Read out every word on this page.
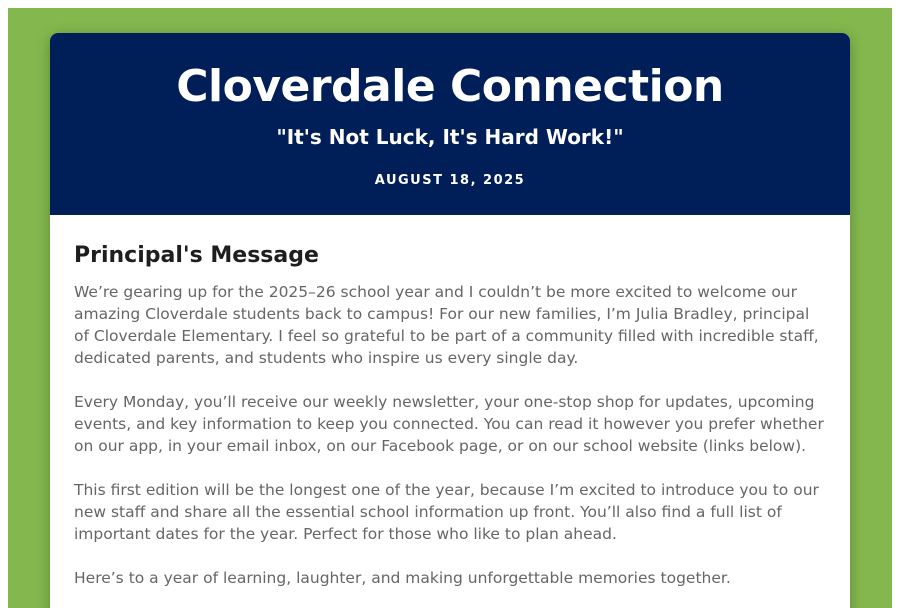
Cloverdale Connection
"It's Not Luck, It's Hard Work!"
AUGUST 18, 2025
Principal's Message

We’re gearing up for the 2025–26 school year and I couldn’t be more excited to welcome our amazing Cloverdale students back to campus! For our new families, I’m Julia Bradley, principal of Cloverdale Elementary. I feel so grateful to be part of a community filled with incredible staff, dedicated parents, and students who inspire us every single day.

Every Monday, you’ll receive our weekly newsletter, your one-stop shop for updates, upcoming events, and key information to keep you connected. You can read it however you prefer whether on our app, in your email inbox, on our Facebook page, or on our school website (links below).

This first edition will be the longest one of the year, because I’m excited to introduce you to our new staff and share all the essential school information up front. You’ll also find a full list of important dates for the year. Perfect for those who like to plan ahead.

Here’s to a year of learning, laughter, and making unforgettable memories together.
